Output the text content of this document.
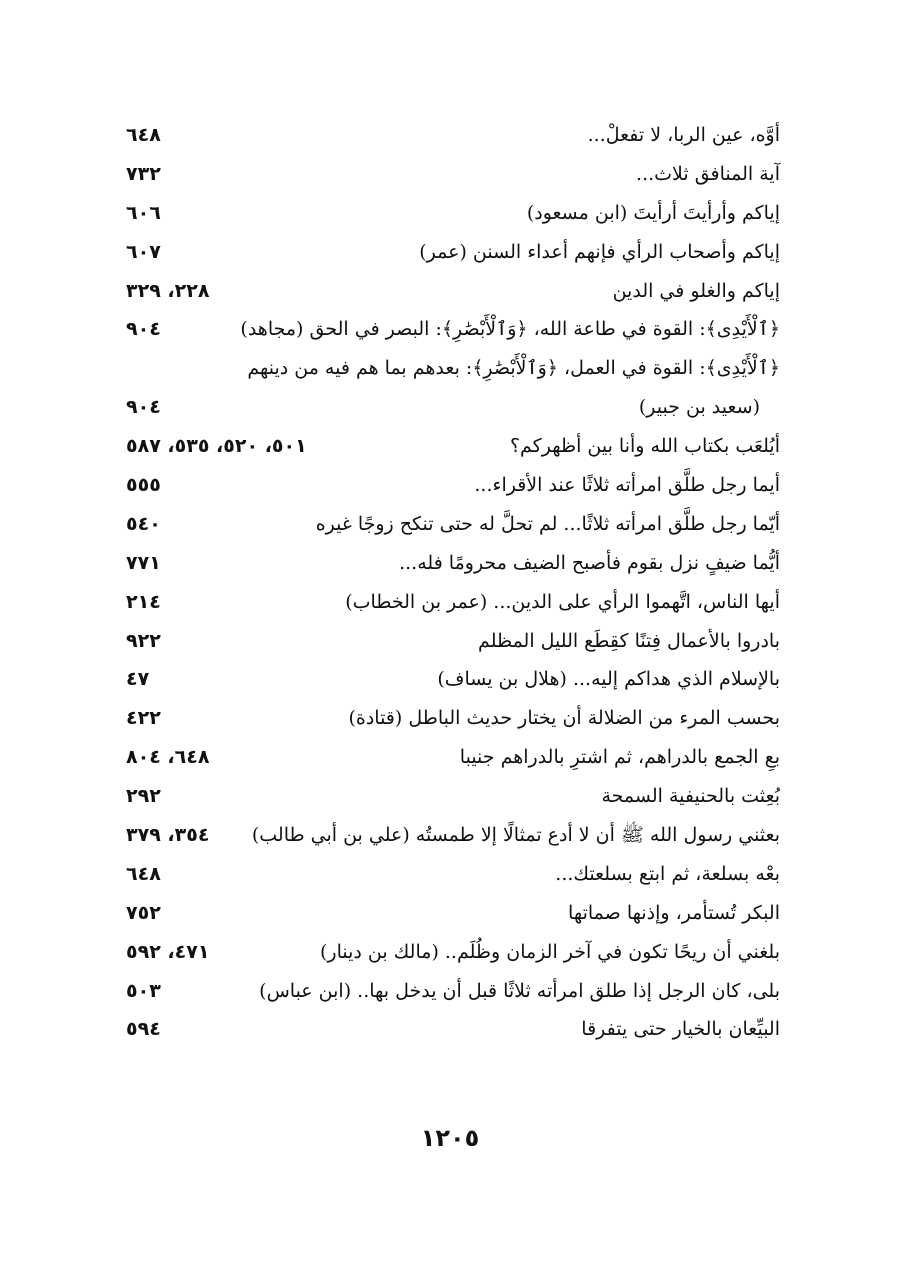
أوَّه، عين الربا، لا تفعلْ...
٦٤٨
آية المنافق ثلاث...
٧٣٢
إياكم وأرأيتَ أرأيتَ (ابن مسعود)
٦٠٦
إياكم وأصحاب الرأي فإنهم أعداء السنن (عمر)
٦٠٧
إياكم والغلو في الدين
٢٢٨، ٣٢٩
﴿ٱلْأَيْدِى﴾: القوة في طاعة الله، ﴿وَٱلْأَبْصَٰرِ﴾: البصر في الحق (مجاهد)
٩٠٤
﴿ٱلْأَيْدِى﴾: القوة في العمل، ﴿وَٱلْأَبْصَٰرِ﴾: بعدهم بما هم فيه من دينهم
(سعيد بن جبير)
٩٠٤
أيُلعَب بكتاب الله وأنا بين أظهركم؟
٥٠١، ٥٢٠، ٥٣٥، ٥٨٧
أيما رجل طلَّق امرأته ثلاثًا عند الأقراء...
٥٥٥
أيّما رجل طلَّق امرأته ثلاثًا... لم تحلَّ له حتى تنكح زوجًا غيره
٥٤٠
أيُّما ضيفٍ نزل بقوم فأصبح الضيف محرومًا فله...
٧٧١
أيها الناس، اتَّهموا الرأي على الدين... (عمر بن الخطاب)
٢١٤
بادروا بالأعمال فِتنًا كقِطَع الليل المظلم
٩٢٢
بالإسلام الذي هداكم إليه... (هلال بن يساف)
٤٧
بحسب المرء من الضلالة أن يختار حديث الباطل (قتادة)
٤٢٢
بعِ الجمع بالدراهم، ثم اشترِ بالدراهم جنيبا
٦٤٨، ٨٠٤
بُعِثت بالحنيفية السمحة
٢٩٢
بعثني رسول الله ﷺ أن لا أدع تمثالًا إلا طمستُه (علي بن أبي طالب)
٣٥٤، ٣٧٩
بعْه بسلعة، ثم ابتع بسلعتك...
٦٤٨
البكر تُستأمر، وإذنها صماتها
٧٥٢
بلغني أن ريحًا تكون في آخر الزمان وظُلَم.. (مالك بن دينار)
٤٧١، ٥٩٢
بلى، كان الرجل إذا طلق امرأته ثلاثًا قبل أن يدخل بها.. (ابن عباس)
٥٠٣
البيِّعان بالخيار حتى يتفرقا
٥٩٤
١٢٠٥
